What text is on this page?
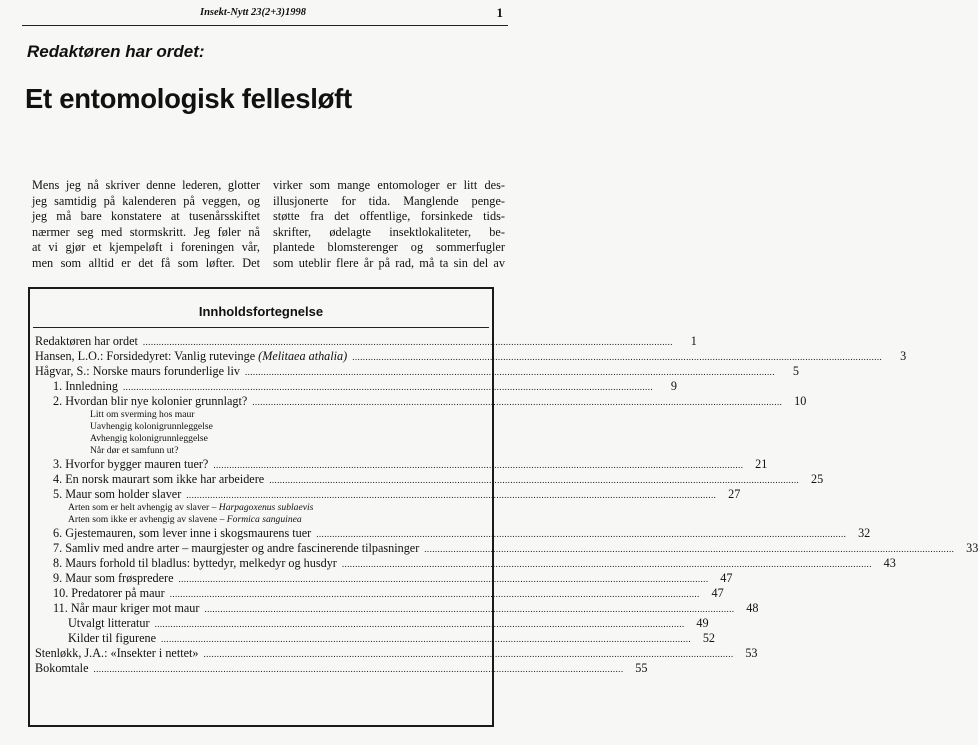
Insekt-Nytt 23(2+3)1998	1
Redaktøren har ordet:
Et entomologisk fellesløft
Mens jeg nå skriver denne lederen, glotter
jeg samtidig på kalenderen på veggen, og
jeg må bare konstatere at tusenårsskiftet
nærmer seg med stormskritt. Jeg føler nå
at vi gjør et kjempeløft i foreningen vår,
men som alltid er det få som løfter. Det
virker som mange entomologer er litt des-
illusjonerte for tida. Manglende penge-
støtte fra det offentlige, forsinkede tids-
skrifter, ødelagte insektlokaliteter, be-
plantede blomsterenger og sommerfugler
som uteblir flere år på rad, må ta sin del av
Innholdsfortegnelse
Redaktøren har ordet ........................................................................................................................................................................................................	1
Hansen, L.O.: Forsidedyret: Vanlig rutevinge (Melitaea athalia) ........................................................................................................................................................................................................	3
Hågvar, S.: Norske maurs forunderlige liv ........................................................................................................................................................................................................	5
1. Innledning ........................................................................................................................................................................................................	9
2. Hvordan blir nye kolonier grunnlagt? ........................................................................................................................................................................................................ 10
Litt om sverming hos maur
Uavhengig kolonigrunnleggelse
Avhengig kolonigrunnleggelse
Når dør et samfunn ut?
3. Hvorfor bygger mauren tuer? ........................................................................................................................................................................................................ 21
4. En norsk maurart som ikke har arbeidere ........................................................................................................................................................................................................ 25
5. Maur som holder slaver ........................................................................................................................................................................................................ 27
Arten som er helt avhengig av slaver – Harpagoxenus sublaevis
Arten som ikke er avhengig av slavene – Formica sanguinea
6. Gjestemauren, som lever inne i skogsmaurens tuer ........................................................................................................................................................................................................ 32
7. Samliv med andre arter – maurgjester og andre fascinerende tilpasninger ........................................................................................................................................................................................................ 33
8. Maurs forhold til bladlus: byttedyr, melkedyr og husdyr ........................................................................................................................................................................................................ 43
9. Maur som frøspredere ........................................................................................................................................................................................................ 47
10. Predatorer på maur ........................................................................................................................................................................................................ 47
11. Når maur kriger mot maur ........................................................................................................................................................................................................ 48
Utvalgt litteratur ........................................................................................................................................................................................................ 49
Kilder til figurene ........................................................................................................................................................................................................ 52
Stenløkk, J.A.: «Insekter i nettet» ........................................................................................................................................................................................................ 53
Bokomtale ........................................................................................................................................................................................................ 55
